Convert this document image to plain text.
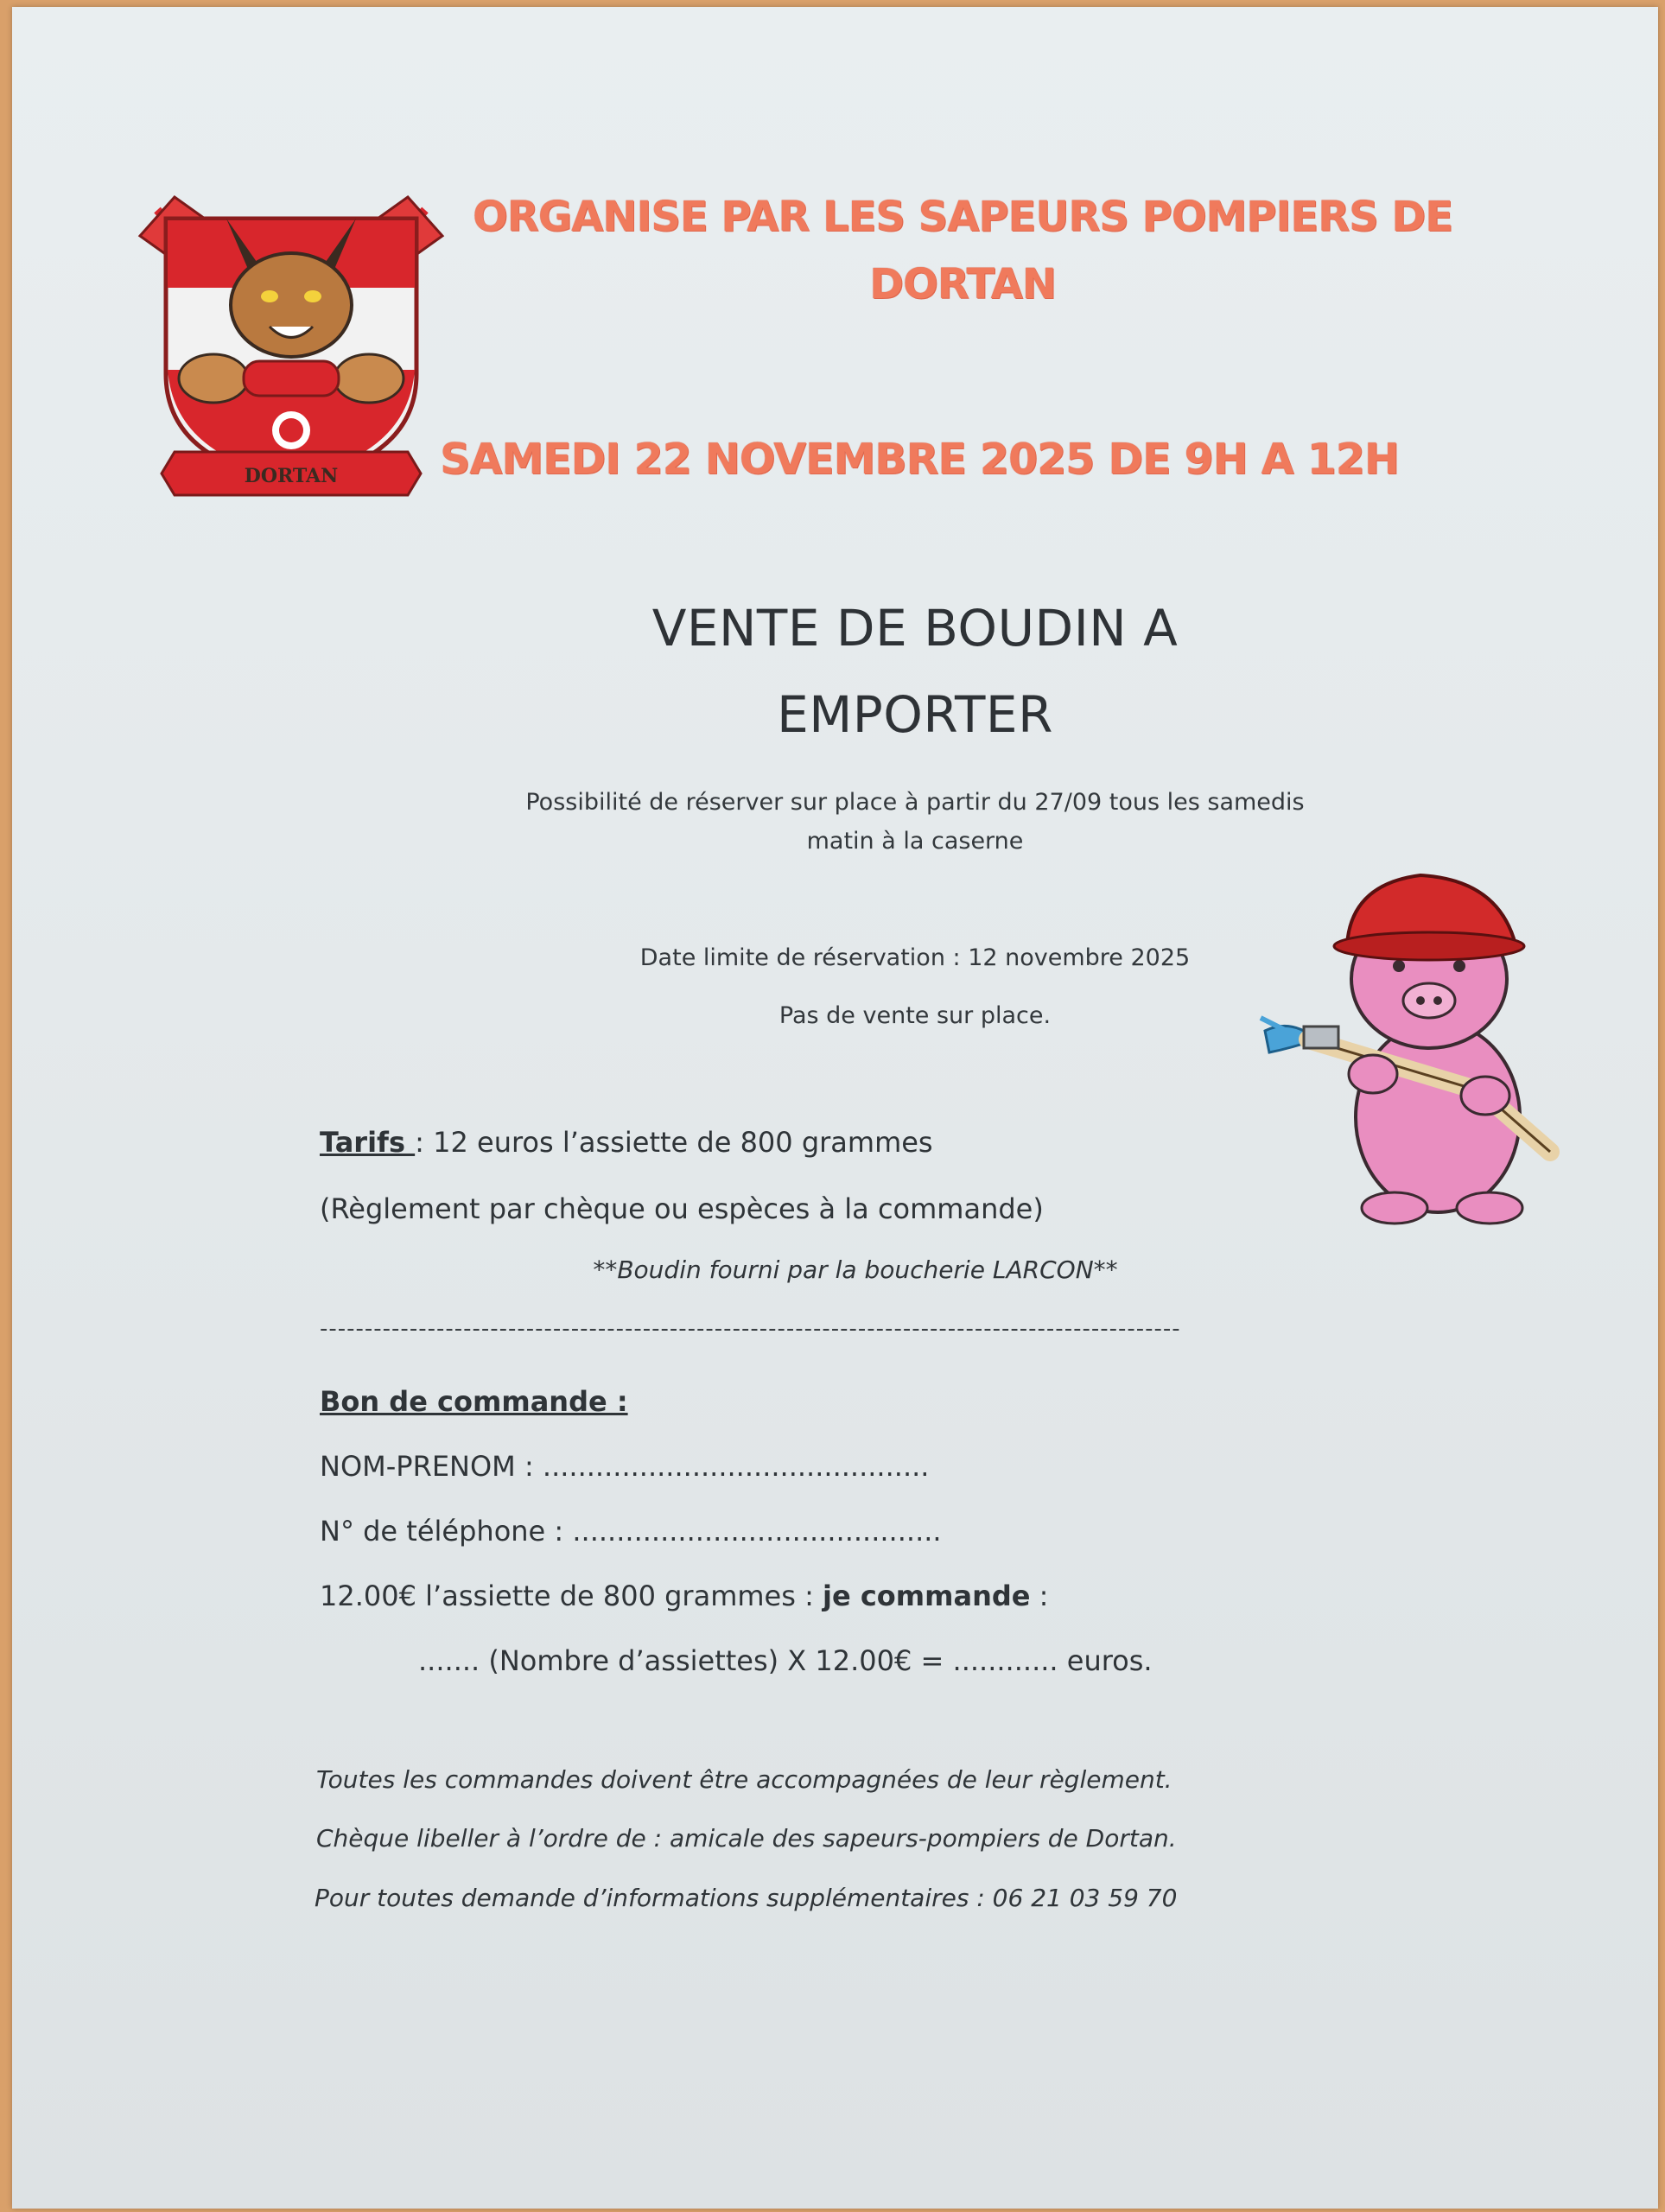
DORTAN
ORGANISE PAR LES SAPEURS POMPIERS DE
DORTAN
SAMEDI 22 NOVEMBRE 2025 DE 9H A 12H
VENTE DE BOUDIN A
EMPORTER
Possibilité de réserver sur place à partir du 27/09 tous les samedis
matin à la caserne
Date limite de réservation : 12 novembre 2025
Pas de vente sur place.
Tarifs : 12 euros l’assiette de 800 grammes
(Règlement par chèque ou espèces à la commande)
**Boudin fourni par la boucherie LARCON**
------------------------------------------------------------------------------------------------
Bon de commande :
NOM-PRENOM : ............................................
N° de téléphone : ..........................................
12.00€ l’assiette de 800 grammes : je commande :
....... (Nombre d’assiettes) X 12.00€ = ............ euros.
Toutes les commandes doivent être accompagnées de leur règlement.
Chèque libeller à l’ordre de : amicale des sapeurs-pompiers de Dortan.
Pour toutes demande d’informations supplémentaires : 06 21 03 59 70
